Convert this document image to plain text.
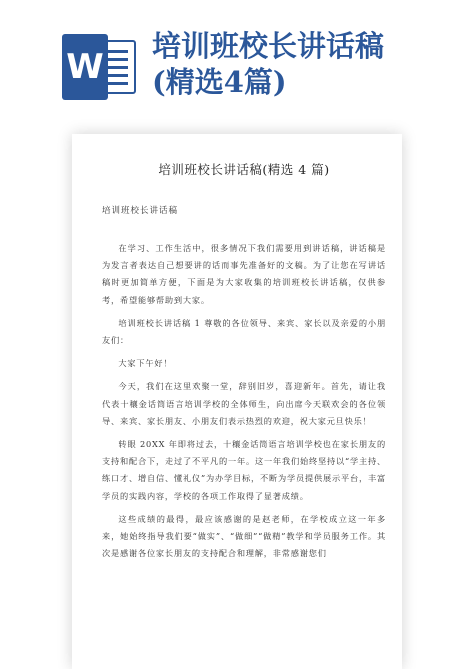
W
培训班校长讲话稿
(精选4篇)
培训班校长讲话稿(精选 4 篇)

培训班校长讲话稿

在学习、工作生活中，很多情况下我们需要用到讲话稿，讲话稿是为发言者表达自己想要讲的话而事先准备好的文稿。为了让您在写讲话稿时更加简单方便，下面是为大家收集的培训班校长讲话稿，仅供参考，希望能够帮助到大家。

培训班校长讲话稿 1 尊敬的各位领导、来宾、家长以及亲爱的小朋友们：

大家下午好！

今天，我们在这里欢聚一堂，辞别旧岁，喜迎新年。首先，请让我代表十穰金话筒语言培训学校的全体师生，向出席今天联欢会的各位领导、来宾、家长朋友、小朋友们表示热烈的欢迎，祝大家元旦快乐！

转眼 20XX 年即将过去，十穰金话筒语言培训学校也在家长朋友的支持和配合下，走过了不平凡的一年。这一年我们始终坚持以“学主持、练口才、增自信、懂礼仪”为办学目标，不断为学员提供展示平台，丰富学员的实践内容，学校的各项工作取得了显著成绩。

这些成绩的最得，最应该感谢的是赵老师，在学校成立这一年多来，她始终指导我们要“做实”、“做细”“做精”教学和学员服务工作。其次是感谢各位家长朋友的支持配合和理解，非常感谢您们
